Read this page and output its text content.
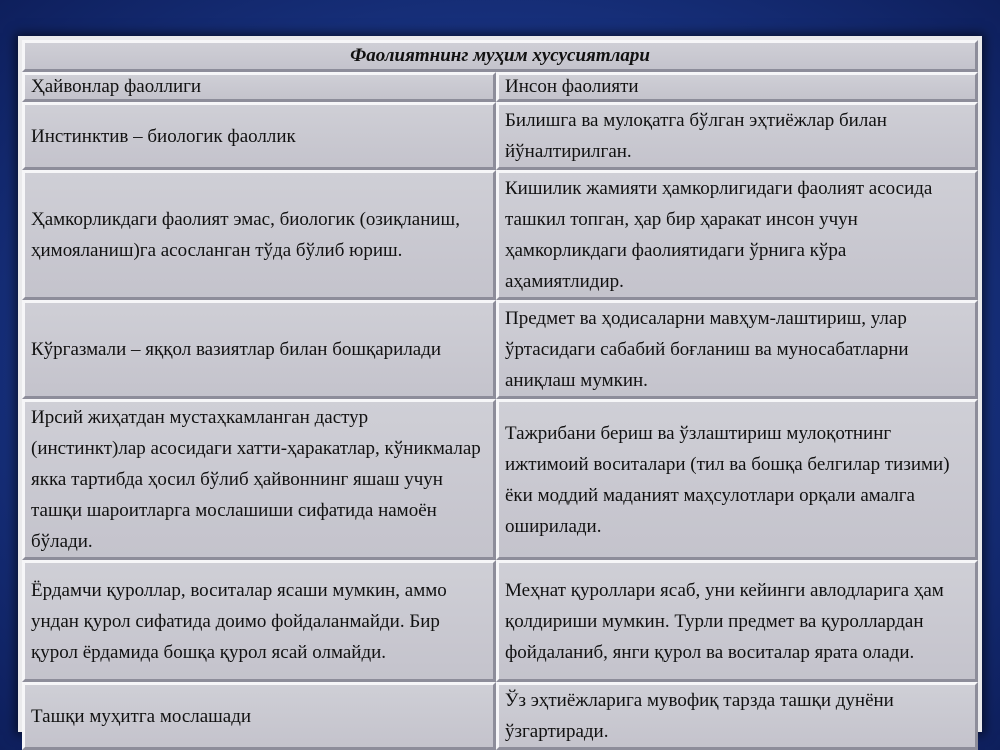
Фаолиятнинг муҳим хусусиятлари	
Ҳайвонлар фаоллиги	Инсон фаолияти
Инстинктив – биологик фаоллик	Билишга ва мулоқатга бўлган эҳтиёжлар билан йўналтирилган.
Ҳамкорликдаги фаолият эмас, биологик (озиқланиш, ҳимояланиш)га асосланган тўда бўлиб юриш.	Кишилик жамияти ҳамкорлигидаги фаолият асосида ташкил топган, ҳар бир ҳаракат инсон учун ҳамкорликдаги фаолиятидаги ўрнига кўра аҳамиятлидир.
Кўргазмали – яққол вазиятлар билан бошқарилади	Предмет ва ҳодисаларни мавҳум-лаштириш, улар ўртасидаги сабабий боғланиш ва муносабатларни аниқлаш мумкин.
Ирсий жиҳатдан мустаҳкамланган дастур (инстинкт)лар асосидаги хатти-ҳаракатлар, кўникмалар якка тартибда ҳосил бўлиб ҳайвоннинг яшаш учун ташқи шароитларга мослашиши сифатида намоён бўлади.	Тажрибани бериш ва ўзлаштириш мулоқотнинг ижтимоий воситалари (тил ва бошқа белгилар тизими) ёки моддий маданият маҳсулотлари орқали амалга оширилади.
Ёрдамчи қуроллар, воситалар ясаши мумкин, аммо ундан қурол сифатида доимо фойдаланмайди. Бир қурол ёрдамида бошқа қурол ясай олмайди.	Меҳнат қуроллари ясаб, уни кейинги авлодларига ҳам қолдириши мумкин. Турли предмет ва қуроллардан фойдаланиб, янги қурол ва воситалар ярата олади.
Ташқи муҳитга мослашади	Ўз эҳтиёжларига мувофиқ тарзда ташқи дунёни ўзгартиради.
